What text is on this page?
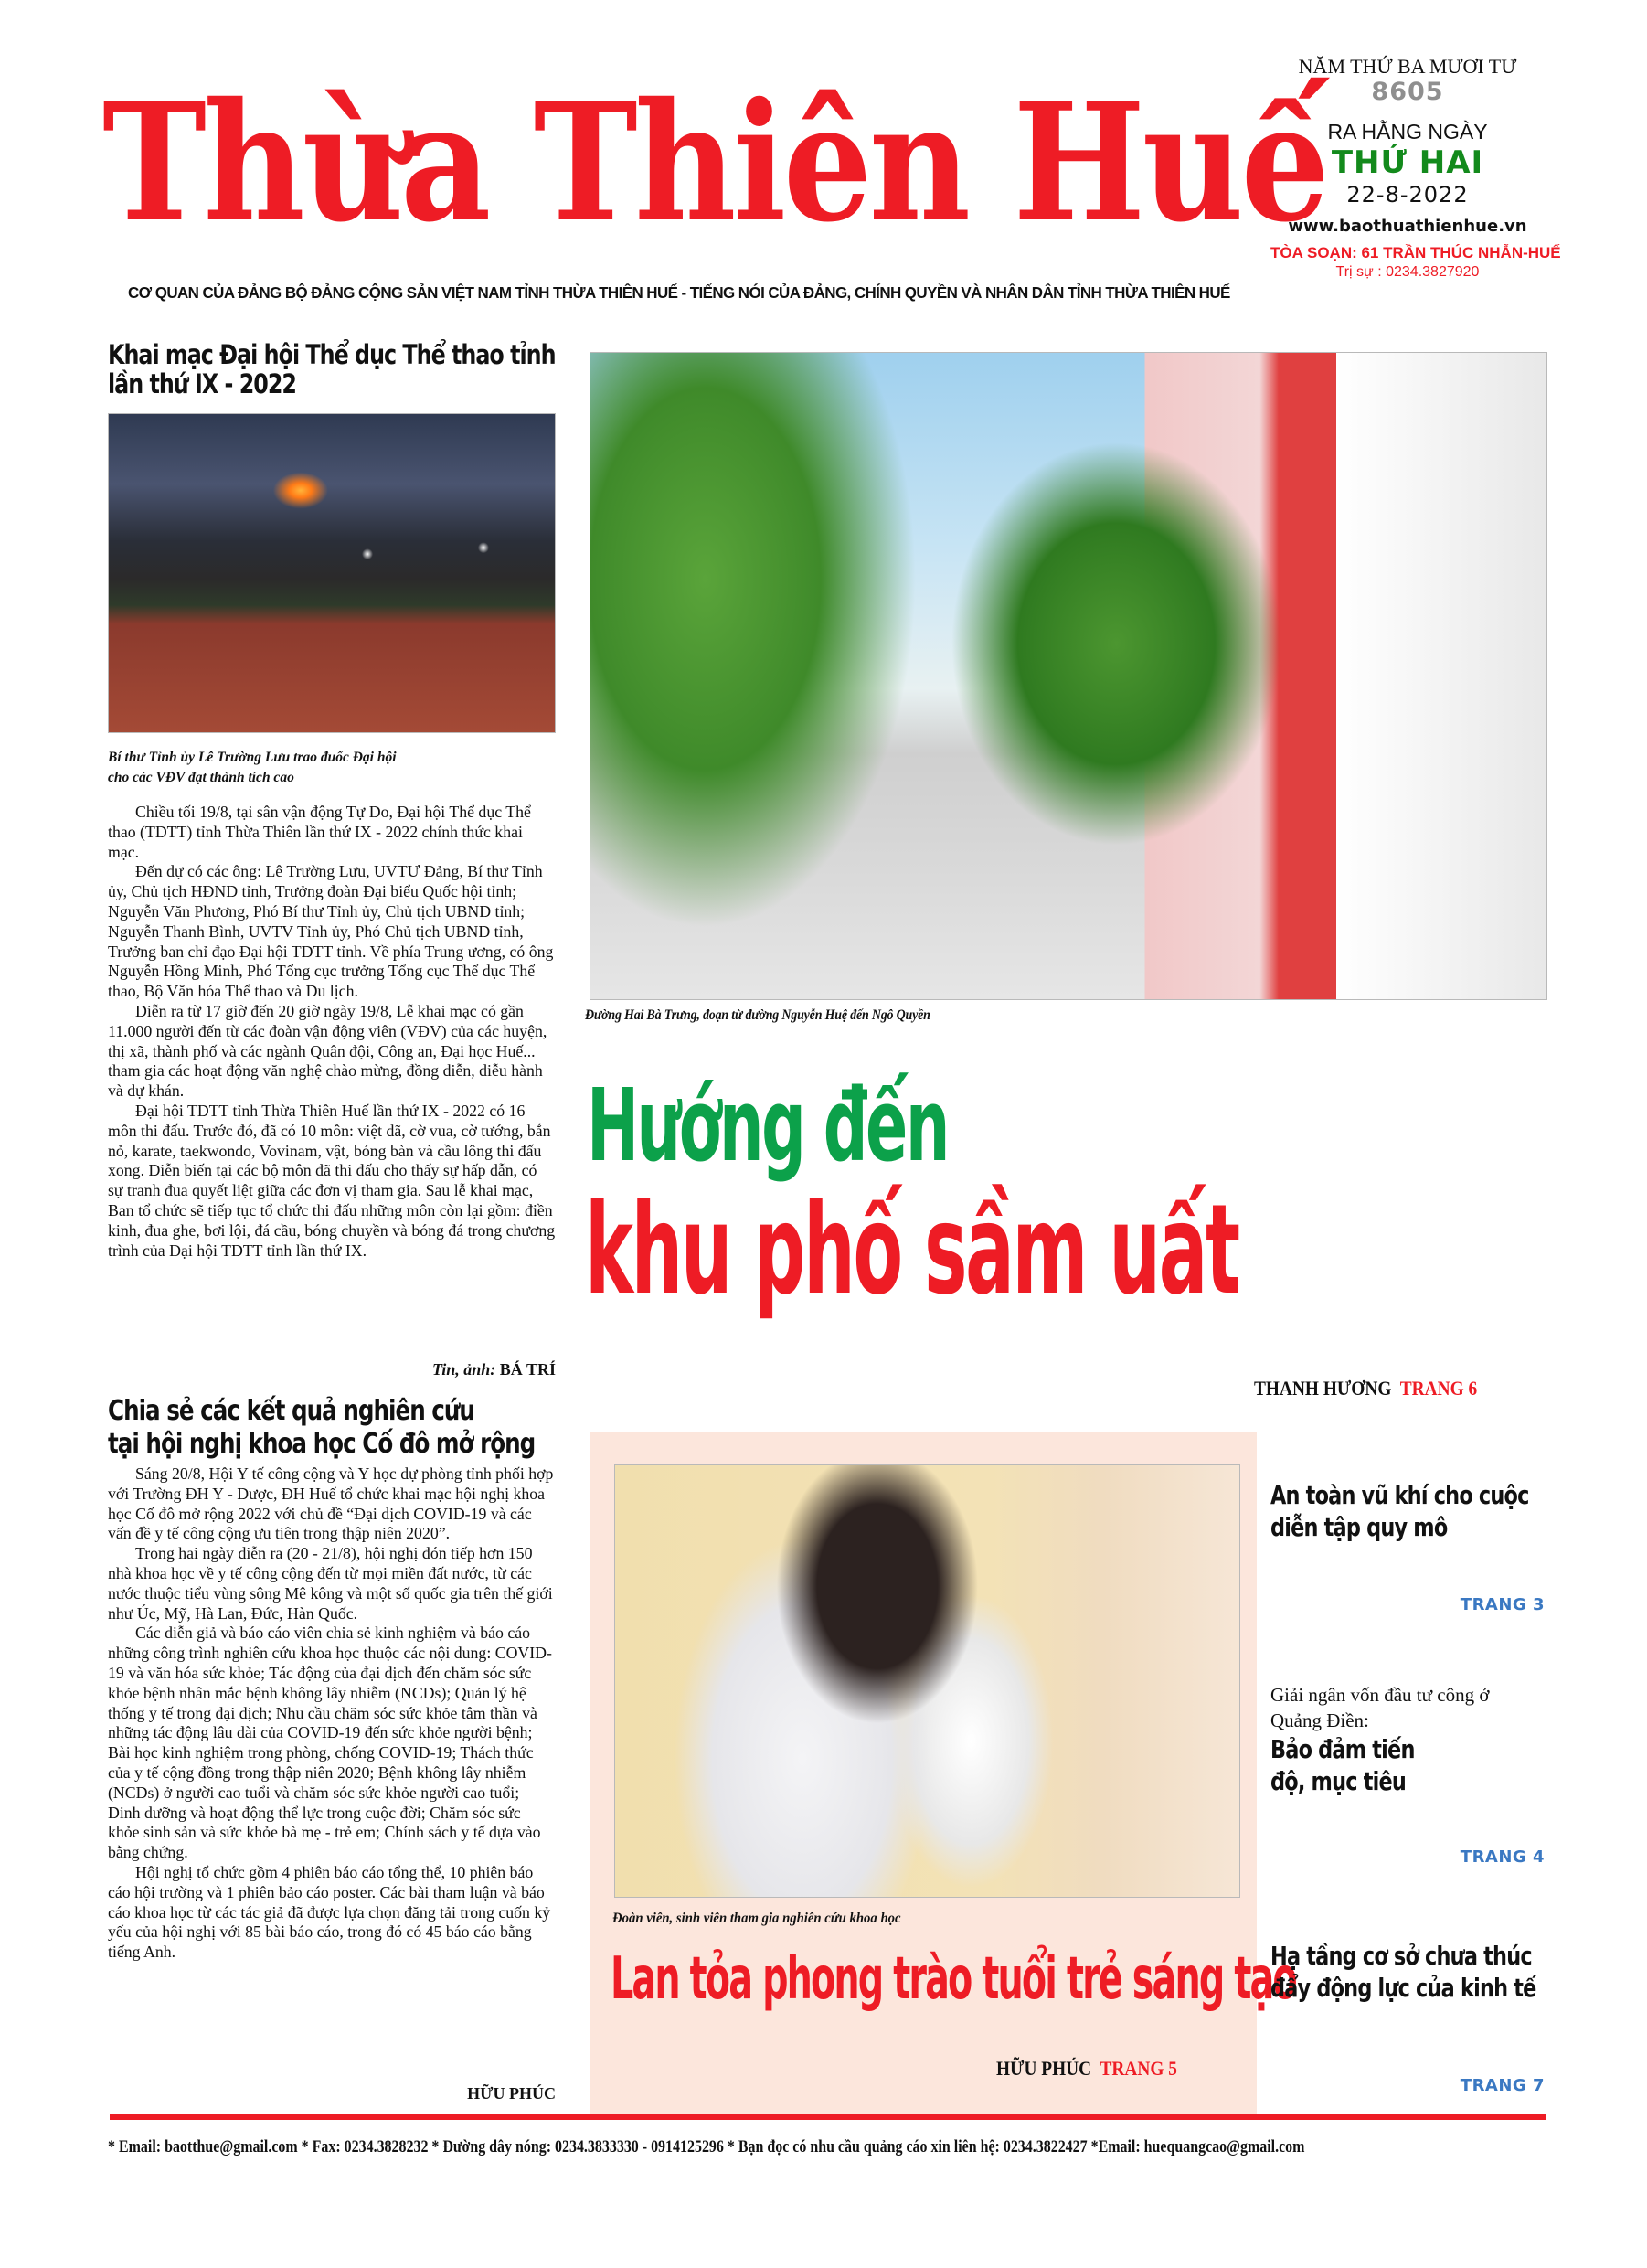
Thừa Thiên Huế
CƠ QUAN CỦA ĐẢNG BỘ ĐẢNG CỘNG SẢN VIỆT NAM TỈNH THỪA THIÊN HUẾ - TIẾNG NÓI CỦA ĐẢNG, CHÍNH QUYỀN VÀ NHÂN DÂN TỈNH THỪA THIÊN HUẾ
NĂM THỨ BA MƯƠI TƯ
8605
RA HẰNG NGÀY
THỨ HAI
22-8-2022
www.baothuathienhue.vn
TÒA SOẠN: 61 TRẦN THÚC NHẪN-HUẾ
Trị sự : 0234.3827920
Khai mạc Đại hội Thể dục Thể thao tỉnh lần thứ IX - 2022
Bí thư Tỉnh ủy Lê Trường Lưu trao đuốc Đại hội
cho các VĐV đạt thành tích cao

Chiều tối 19/8, tại sân vận động Tự Do, Đại hội Thể dục Thể thao (TDTT) tỉnh Thừa Thiên lần thứ IX - 2022 chính thức khai mạc.

Đến dự có các ông: Lê Trường Lưu, UVTƯ Đảng, Bí thư Tỉnh ủy, Chủ tịch HĐND tỉnh, Trưởng đoàn Đại biểu Quốc hội tỉnh; Nguyễn Văn Phương, Phó Bí thư Tỉnh ủy, Chủ tịch UBND tỉnh; Nguyễn Thanh Bình, UVTV Tỉnh ủy, Phó Chủ tịch UBND tỉnh, Trưởng ban chỉ đạo Đại hội TDTT tỉnh. Về phía Trung ương, có ông Nguyễn Hồng Minh, Phó Tổng cục trưởng Tổng cục Thể dục Thể thao, Bộ Văn hóa Thể thao và Du lịch.

Diễn ra từ 17 giờ đến 20 giờ ngày 19/8, Lễ khai mạc có gần 11.000 người đến từ các đoàn vận động viên (VĐV) của các huyện, thị xã, thành phố và các ngành Quân đội, Công an, Đại học Huế... tham gia các hoạt động văn nghệ chào mừng, đồng diễn, diễu hành và dự khán.

Đại hội TDTT tỉnh Thừa Thiên Huế lần thứ IX - 2022 có 16 môn thi đấu. Trước đó, đã có 10 môn: việt dã, cờ vua, cờ tướng, bắn nỏ, karate, taekwondo, Vovinam, vật, bóng bàn và cầu lông thi đấu xong. Diễn biến tại các bộ môn đã thi đấu cho thấy sự hấp dẫn, có sự tranh đua quyết liệt giữa các đơn vị tham gia. Sau lễ khai mạc, Ban tổ chức sẽ tiếp tục tổ chức thi đấu những môn còn lại gồm: điền kinh, đua ghe, bơi lội, đá cầu, bóng chuyền và bóng đá trong chương trình của Đại hội TDTT tỉnh lần thứ IX.

Tin, ảnh: BÁ TRÍ
Chia sẻ các kết quả nghiên cứu
tại hội nghị khoa học Cố đô mở rộng

Sáng 20/8, Hội Y tế công cộng và Y học dự phòng tỉnh phối hợp với Trường ĐH Y - Dược, ĐH Huế tổ chức khai mạc hội nghị khoa học Cố đô mở rộng 2022 với chủ đề “Đại dịch COVID-19 và các vấn đề y tế công cộng ưu tiên trong thập niên 2020”.

Trong hai ngày diễn ra (20 - 21/8), hội nghị đón tiếp hơn 150 nhà khoa học về y tế công cộng đến từ mọi miền đất nước, từ các nước thuộc tiểu vùng sông Mê kông và một số quốc gia trên thế giới như Úc, Mỹ, Hà Lan, Đức, Hàn Quốc.

Các diễn giả và báo cáo viên chia sẻ kinh nghiệm và báo cáo những công trình nghiên cứu khoa học thuộc các nội dung: COVID-19 và văn hóa sức khỏe; Tác động của đại dịch đến chăm sóc sức khỏe bệnh nhân mắc bệnh không lây nhiễm (NCDs); Quản lý hệ thống y tế trong đại dịch; Nhu cầu chăm sóc sức khỏe tâm thần và những tác động lâu dài của COVID-19 đến sức khỏe người bệnh; Bài học kinh nghiệm trong phòng, chống COVID-19; Thách thức của y tế cộng đồng trong thập niên 2020; Bệnh không lây nhiễm (NCDs) ở người cao tuổi và chăm sóc sức khỏe người cao tuổi; Dinh dưỡng và hoạt động thể lực trong cuộc đời; Chăm sóc sức khỏe sinh sản và sức khỏe bà mẹ - trẻ em; Chính sách y tế dựa vào bằng chứng.

Hội nghị tổ chức gồm 4 phiên báo cáo tổng thể, 10 phiên báo cáo hội trường và 1 phiên bảo cáo poster. Các bài tham luận và báo cáo khoa học từ các tác giả đã được lựa chọn đăng tải trong cuốn kỷ yếu của hội nghị với 85 bài báo cáo, trong đó có 45 báo cáo bằng tiếng Anh.

HỮU PHÚC
Đường Hai Bà Trưng, đoạn từ đường Nguyễn Huệ đến Ngô Quyền
Hướng đến
khu phố sầm uất
THANH HƯƠNG TRANG 6
Đoàn viên, sinh viên tham gia nghiên cứu khoa học
Lan tỏa phong trào tuổi trẻ sáng tạo
HỮU PHÚC TRANG 5
An toàn vũ khí cho cuộc diễn tập quy mô
TRANG 3
Giải ngân vốn đầu tư công ở Quảng Điền:
Bảo đảm tiến độ, mục tiêu
TRANG 4
Hạ tầng cơ sở chưa thúc đẩy động lực của kinh tế
TRANG 7
* Email: baotthue@gmail.com * Fax: 0234.3828232 * Đường dây nóng: 0234.3833330 - 0914125296 * Bạn đọc có nhu cầu quảng cáo xin liên hệ: 0234.3822427 *Email: huequangcao@gmail.com
